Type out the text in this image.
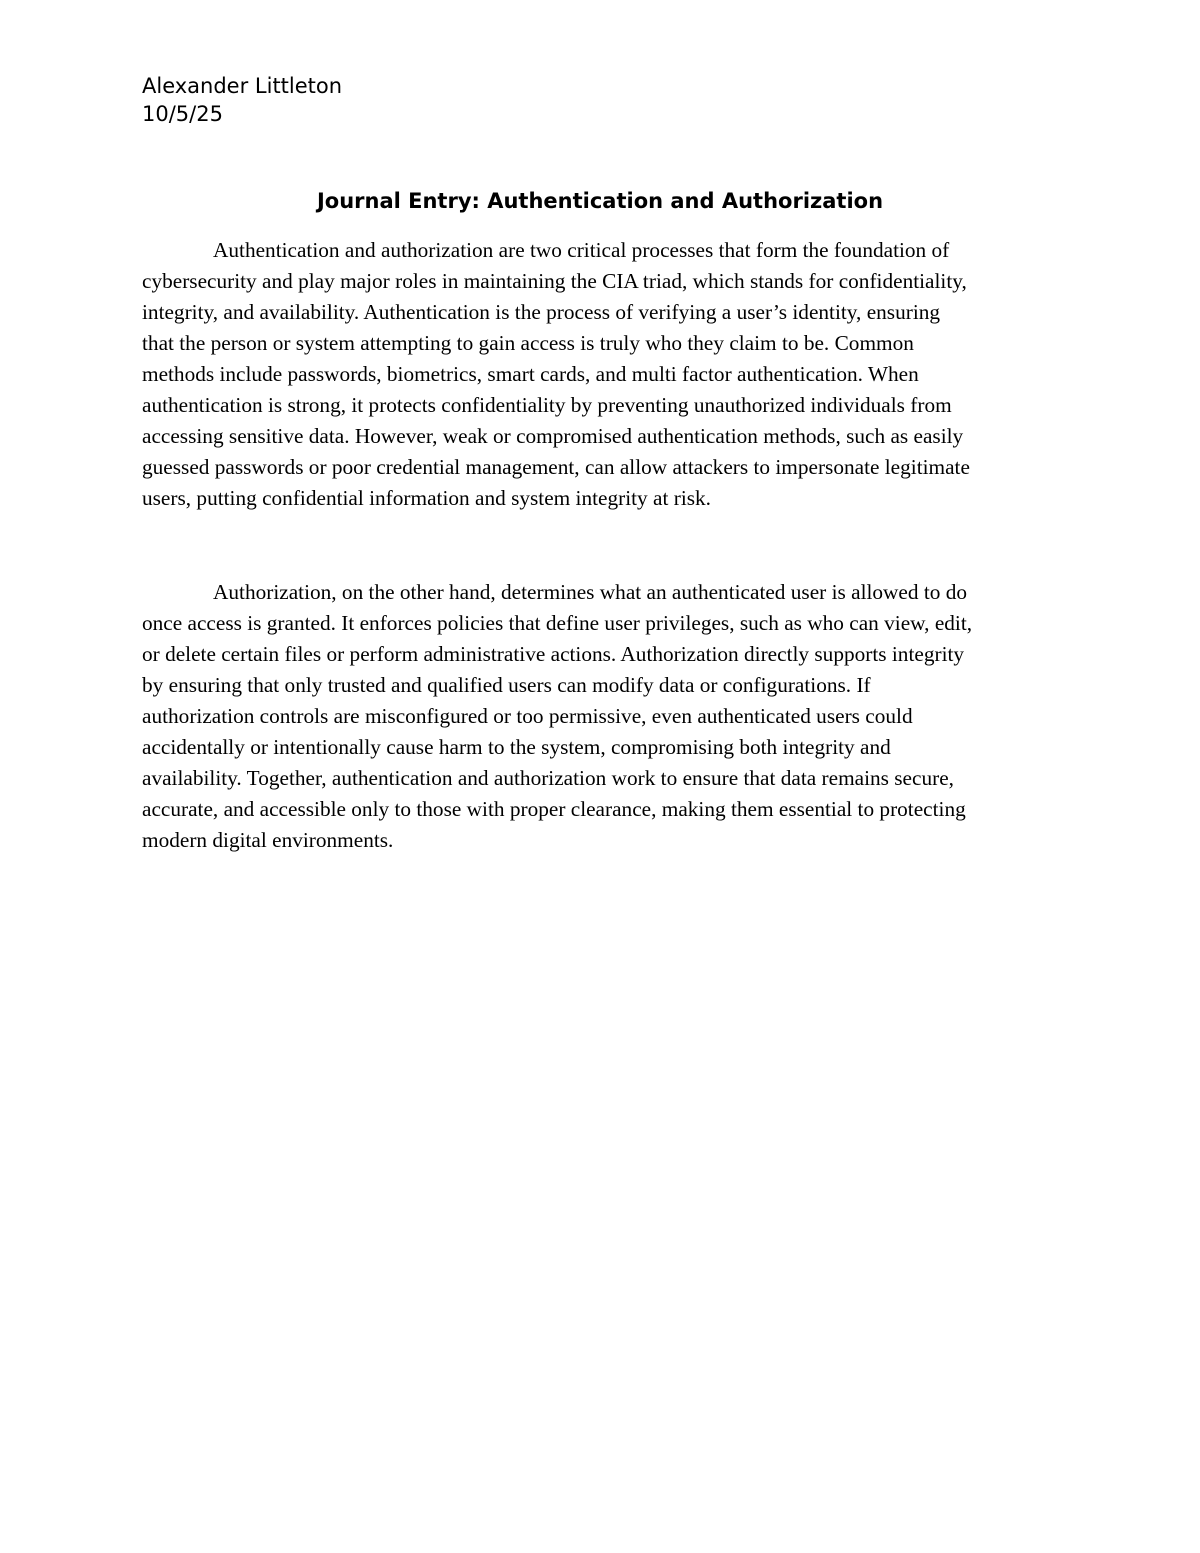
Alexander Littleton
10/5/25
Journal Entry: Authentication and Authorization
Authentication and authorization are two critical processes that form the foundation of
cybersecurity and play major roles in maintaining the CIA triad, which stands for confidentiality,
integrity, and availability. Authentication is the process of verifying a user’s identity, ensuring
that the person or system attempting to gain access is truly who they claim to be. Common
methods include passwords, biometrics, smart cards, and multi factor authentication. When
authentication is strong, it protects confidentiality by preventing unauthorized individuals from
accessing sensitive data. However, weak or compromised authentication methods, such as easily
guessed passwords or poor credential management, can allow attackers to impersonate legitimate
users, putting confidential information and system integrity at risk.
Authorization, on the other hand, determines what an authenticated user is allowed to do
once access is granted. It enforces policies that define user privileges, such as who can view, edit,
or delete certain files or perform administrative actions. Authorization directly supports integrity
by ensuring that only trusted and qualified users can modify data or configurations. If
authorization controls are misconfigured or too permissive, even authenticated users could
accidentally or intentionally cause harm to the system, compromising both integrity and
availability. Together, authentication and authorization work to ensure that data remains secure,
accurate, and accessible only to those with proper clearance, making them essential to protecting
modern digital environments.
